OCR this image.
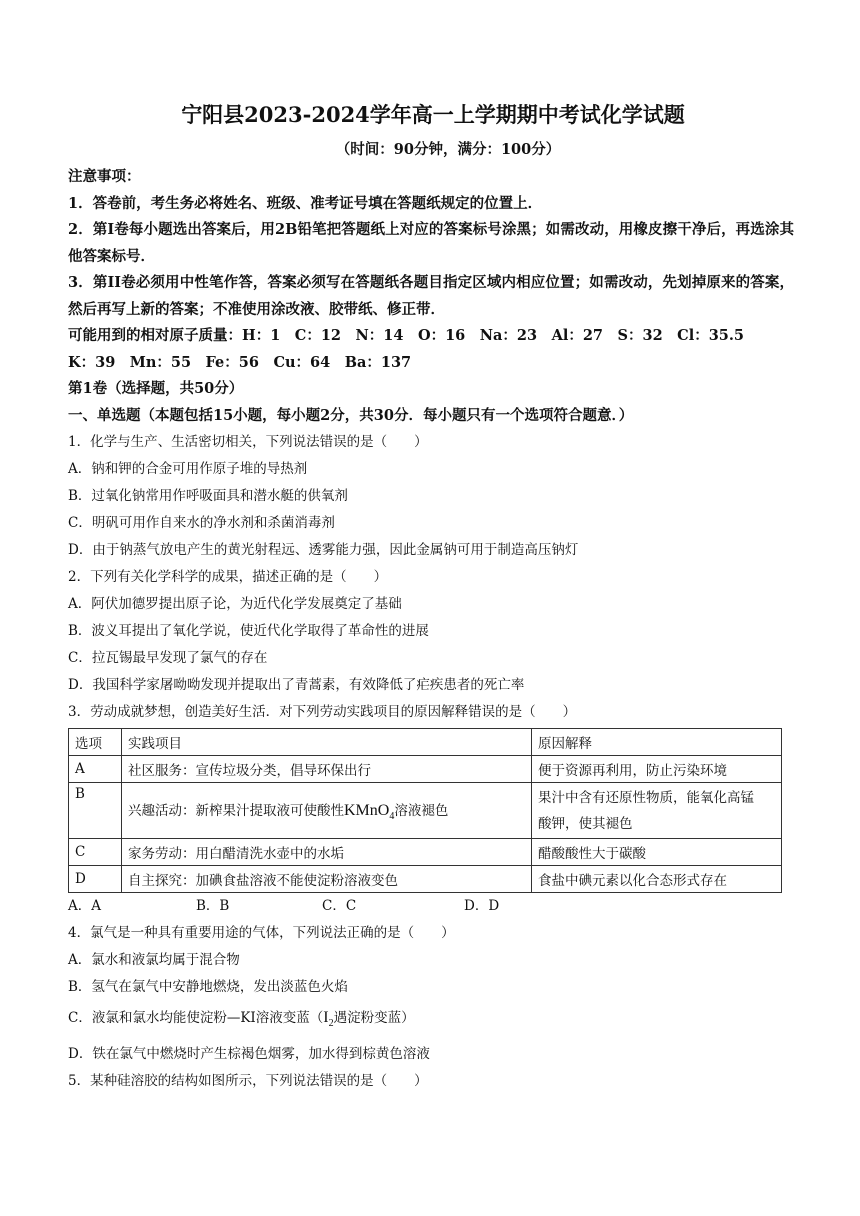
宁阳县2023-2024学年高一上学期期中考试化学试题
（时间：90分钟，满分：100分）
注意事项：
1．答卷前，考生务必将姓名、班级、准考证号填在答题纸规定的位置上．
2．第Ⅰ卷每小题选出答案后，用2B铅笔把答题纸上对应的答案标号涂黑；如需改动，用橡皮擦干净后，再选涂其他答案标号．
3．第II卷必须用中性笔作答，答案必须写在答题纸各题目指定区域内相应位置；如需改动，先划掉原来的答案，然后再写上新的答案；不准使用涂改液、胶带纸、修正带．
可能用到的相对原子质量：H：1　C：12　N：14　O：16　Na：23　Al：27　S：32　Cl：35.5
K：39　Mn：55　Fe：56　Cu：64　Ba：137
第1卷（选择题，共50分）
一、单选题（本题包括15小题，每小题2分，共30分．每小题只有一个选项符合题意．）
1．化学与生产、生活密切相关，下列说法错误的是（　　）
A．钠和钾的合金可用作原子堆的导热剂
B．过氧化钠常用作呼吸面具和潜水艇的供氧剂
C．明矾可用作自来水的净水剂和杀菌消毒剂
D．由于钠蒸气放电产生的黄光射程远、透雾能力强，因此金属钠可用于制造高压钠灯
2．下列有关化学科学的成果，描述正确的是（　　）
A．阿伏加德罗提出原子论，为近代化学发展奠定了基础
B．波义耳提出了氧化学说，使近代化学取得了革命性的进展
C．拉瓦锡最早发现了氯气的存在
D．我国科学家屠呦呦发现并提取出了青蒿素，有效降低了疟疾患者的死亡率
3．劳动成就梦想，创造美好生活．对下列劳动实践项目的原因解释错误的是（　　）
选项	实践项目	原因解释
A	社区服务：宣传垃圾分类，倡导环保出行	便于资源再利用，防止污染环境
B	兴趣活动：新榨果汁提取液可使酸性KMnO$_4$溶液褪色	果汁中含有还原性物质，能氧化高锰
酸钾，使其褪色

C	家务劳动：用白醋清洗水壶中的水垢	醋酸酸性大于碳酸
D	自主探究：加碘食盐溶液不能使淀粉溶液变色	食盐中碘元素以化合态形式存在
A．A	B．B	C．C	D．D
4．氯气是一种具有重要用途的气体，下列说法正确的是（　　）
A．氯水和液氯均属于混合物
B．氢气在氯气中安静地燃烧，发出淡蓝色火焰
C．液氯和氯水均能使淀粉—KI溶液变蓝（$I_2$遇淀粉变蓝）
D．铁在氯气中燃烧时产生棕褐色烟雾，加水得到棕黄色溶液
5．某种硅溶胶的结构如图所示，下列说法错误的是（　　）
